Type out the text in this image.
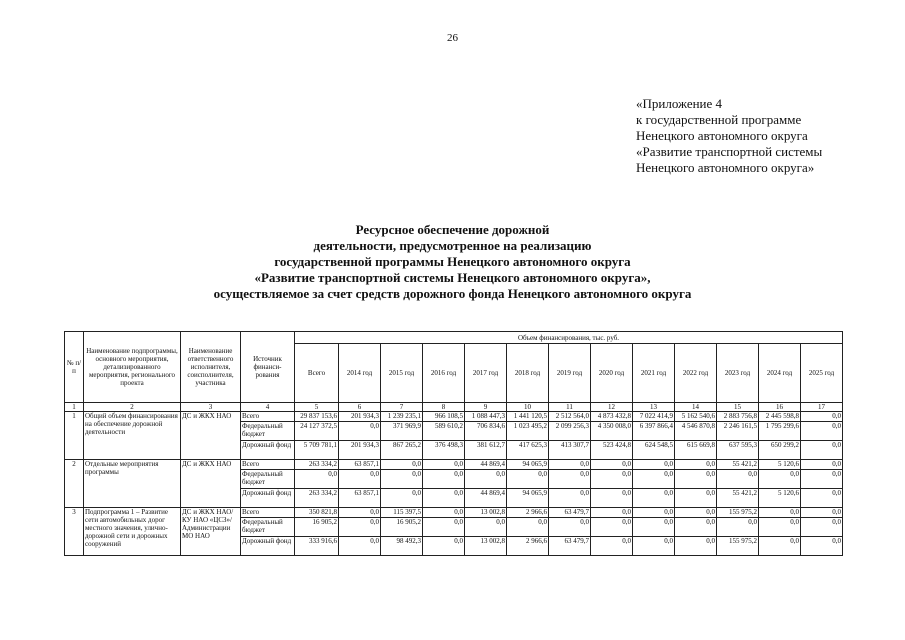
26
«Приложение 4
к государственной программе
Ненецкого автономного округа
«Развитие транспортной системы
Ненецкого автономного округа»
Ресурсное обеспечение дорожной
деятельности, предусмотренное на реализацию
государственной программы Ненецкого автономного округа
«Развитие транспортной системы Ненецкого автономного округа»,
осуществляемое за счет средств дорожного фонда Ненецкого автономного округа
№ п/п	Наименование подпрограммы, основного мероприятия, детализированного мероприятия, регионального проекта	Наименование ответственного исполнителя, соисполнителя, участника	Источник финанси-рования	Объем финансирования, тыс. руб.												
				Всего	2014 год	2015 год	2016 год	2017 год	2018 год	2019 год	2020 год	2021 год	2022 год	2023 год	2024 год	2025 год
1	2	3	4	5	6	7	8	9	10	11	12	13	14	15	16	17
1	Общий объем финансирования на обеспечение дорожной деятельности	ДС и ЖКХ НАО	Всего	29 837 153,6	201 934,3	1 239 235,1	966 108,5	1 088 447,3	1 441 120,5	2 512 564,0	4 873 432,8	7 022 414,9	5 162 540,6	2 883 756,8	2 445 598,8	0,0
			Федеральный бюджет	24 127 372,5	0,0	371 969,9	589 610,2	706 834,6	1 023 495,2	2 099 256,3	4 350 008,0	6 397 866,4	4 546 870,8	2 246 161,5	1 795 299,6	0,0
			Дорожный фонд	5 709 781,1	201 934,3	867 265,2	376 498,3	381 612,7	417 625,3	413 307,7	523 424,8	624 548,5	615 669,8	637 595,3	650 299,2	0,0
2	Отдельные мероприятия программы	ДС и ЖКХ НАО	Всего	263 334,2	63 857,1	0,0	0,0	44 869,4	94 065,9	0,0	0,0	0,0	0,0	55 421,2	5 120,6	0,0
			Федеральный бюджет	0,0	0,0	0,0	0,0	0,0	0,0	0,0	0,0	0,0	0,0	0,0	0,0	0,0
			Дорожный фонд	263 334,2	63 857,1	0,0	0,0	44 869,4	94 065,9	0,0	0,0	0,0	0,0	55 421,2	5 120,6	0,0
3	Подпрограмма 1 – Развитие сети автомобильных дорог местного значения, улично-дорожной сети и дорожных сооружений	ДС и ЖКХ НАО/ КУ НАО «ЦСЗ»/ Администрации МО НАО	Всего	350 821,8	0,0	115 397,5	0,0	13 002,8	2 966,6	63 479,7	0,0	0,0	0,0	155 975,2	0,0	0,0
			Федеральный бюджет	16 905,2	0,0	16 905,2	0,0	0,0	0,0	0,0	0,0	0,0	0,0	0,0	0,0	0,0
			Дорожный фонд	333 916,6	0,0	98 492,3	0,0	13 002,8	2 966,6	63 479,7	0,0	0,0	0,0	155 975,2	0,0	0,0
